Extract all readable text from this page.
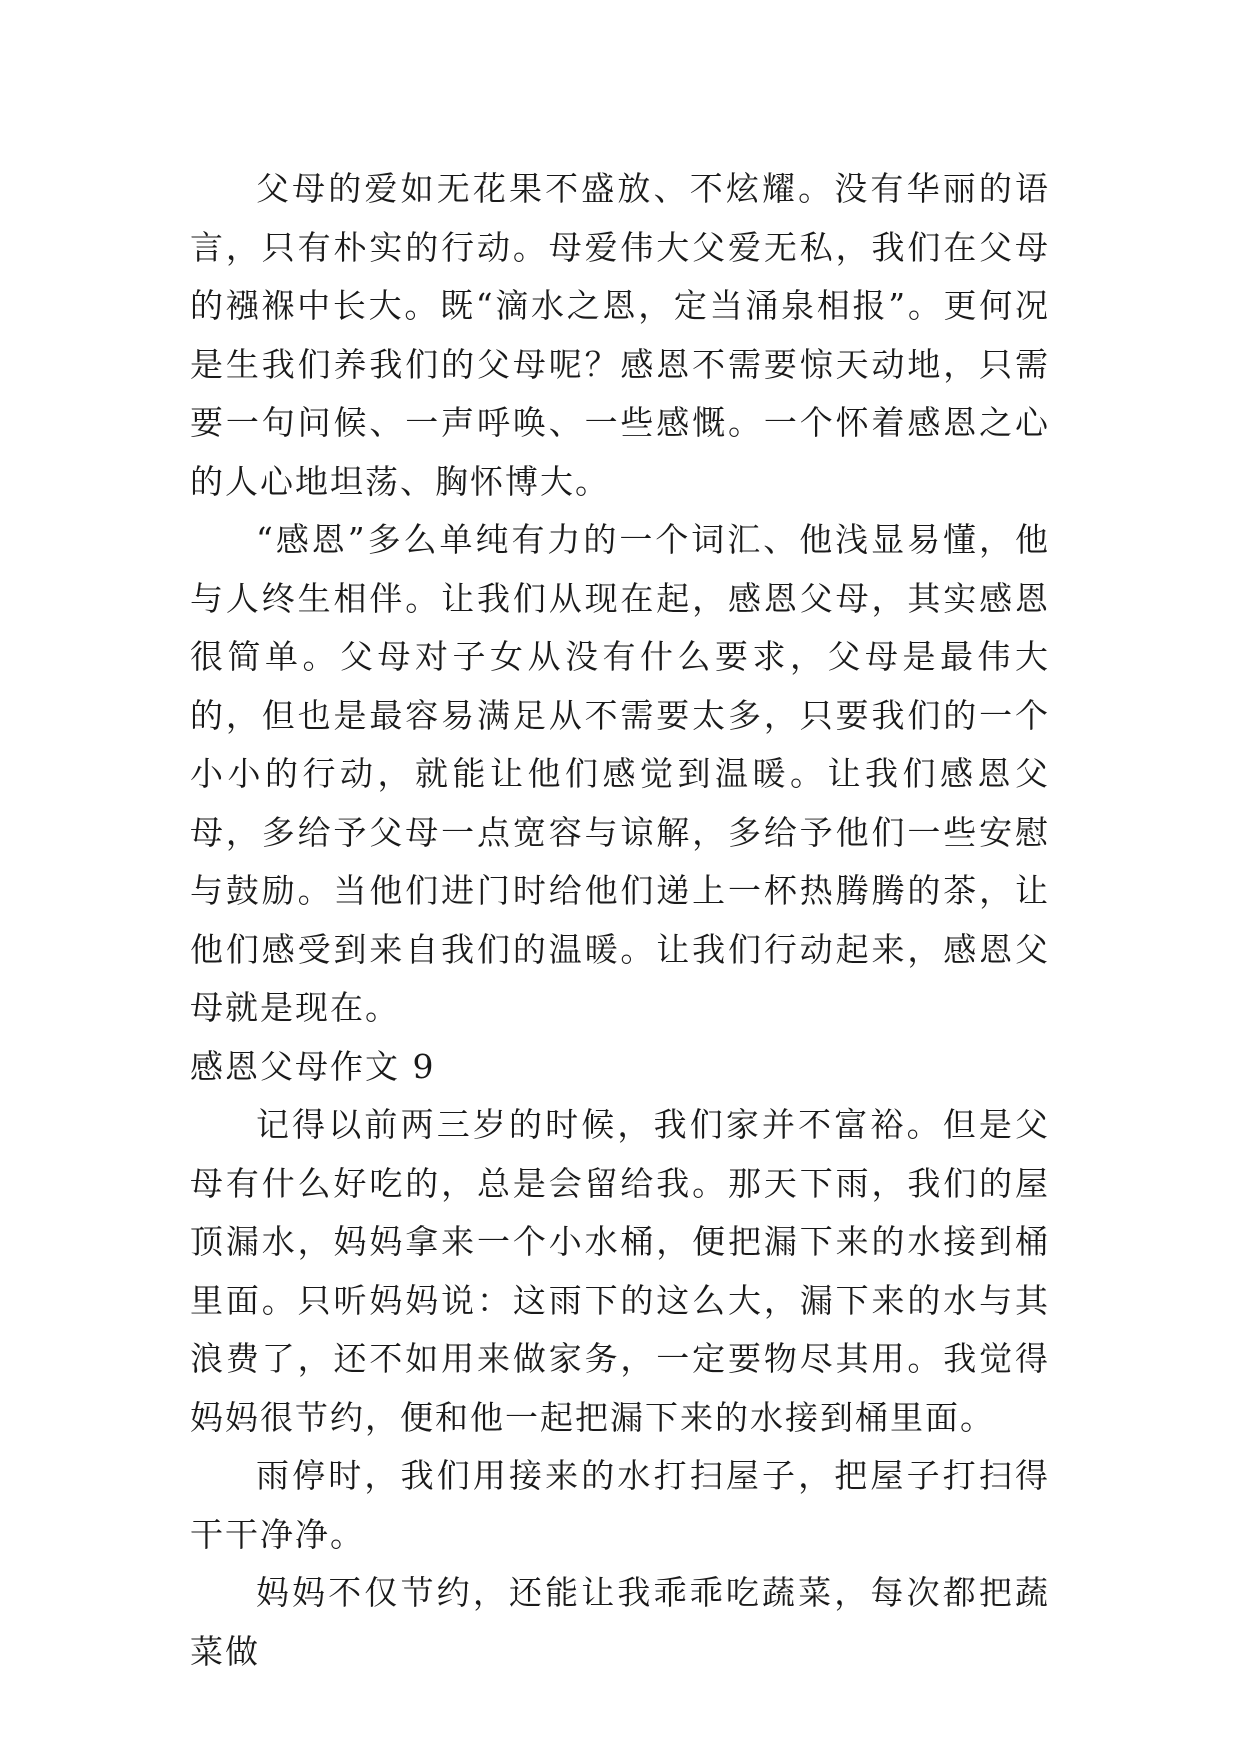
父母的爱如无花果不盛放、不炫耀。没有华丽的语言，只有朴实的行动。母爱伟大父爱无私，我们在父母的襁褓中长大。既“滴水之恩，定当涌泉相报”。更何况是生我们养我们的父母呢？感恩不需要惊天动地，只需要一句问候、一声呼唤、一些感慨。一个怀着感恩之心的人心地坦荡、胸怀博大。

“感恩”多么单纯有力的一个词汇、他浅显易懂，他与人终生相伴。让我们从现在起，感恩父母，其实感恩很简单。父母对子女从没有什么要求，父母是最伟大的，但也是最容易满足从不需要太多，只要我们的一个小小的行动，就能让他们感觉到温暖。让我们感恩父母，多给予父母一点宽容与谅解，多给予他们一些安慰与鼓励。当他们进门时给他们递上一杯热腾腾的茶，让他们感受到来自我们的温暖。让我们行动起来，感恩父母就是现在。

感恩父母作文 9

记得以前两三岁的时候，我们家并不富裕。但是父母有什么好吃的，总是会留给我。那天下雨，我们的屋顶漏水，妈妈拿来一个小水桶，便把漏下来的水接到桶里面。只听妈妈说：这雨下的这么大，漏下来的水与其浪费了，还不如用来做家务，一定要物尽其用。我觉得妈妈很节约，便和他一起把漏下来的水接到桶里面。

雨停时，我们用接来的水打扫屋子，把屋子打扫得干干净净。

妈妈不仅节约，还能让我乖乖吃蔬菜，每次都把蔬菜做
